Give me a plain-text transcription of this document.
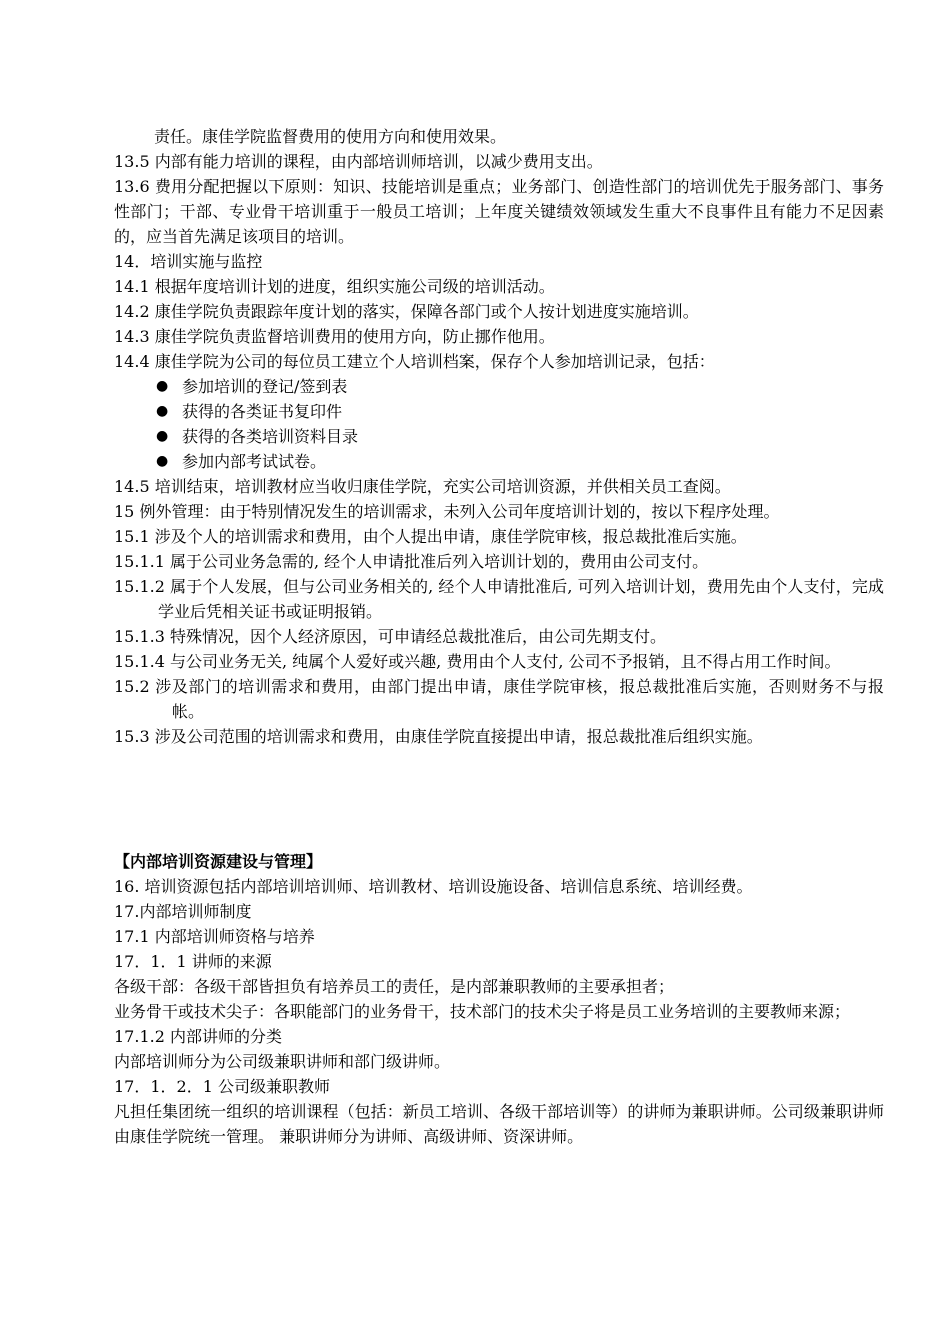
责任。康佳学院监督费用的使用方向和使用效果。

13.5 内部有能力培训的课程，由内部培训师培训，以减少费用支出。

13.6 费用分配把握以下原则：知识、技能培训是重点；业务部门、创造性部门的培训优先于服务部门、事务性部门；干部、专业骨干培训重于一般员工培训；上年度关键绩效领域发生重大不良事件且有能力不足因素的，应当首先满足该项目的培训。

14．培训实施与监控

14.1 根据年度培训计划的进度，组织实施公司级的培训活动。

14.2 康佳学院负责跟踪年度计划的落实，保障各部门或个人按计划进度实施培训。

14.3 康佳学院负责监督培训费用的使用方向，防止挪作他用。

14.4 康佳学院为公司的每位员工建立个人培训档案，保存个人参加培训记录，包括：

● 参加培训的登记/签到表
● 获得的各类证书复印件
● 获得的各类培训资料目录
● 参加内部考试试卷。

14.5 培训结束，培训教材应当收归康佳学院，充实公司培训资源，并供相关员工查阅。

15 例外管理：由于特别情况发生的培训需求，未列入公司年度培训计划的，按以下程序处理。

15.1 涉及个人的培训需求和费用，由个人提出申请，康佳学院审核，报总裁批准后实施。

15.1.1 属于公司业务急需的, 经个人申请批准后列入培训计划的，费用由公司支付。

15.1.2 属于个人发展，但与公司业务相关的, 经个人申请批准后, 可列入培训计划，费用先由个人支付，完成学业后凭相关证书或证明报销。

15.1.3 特殊情况，因个人经济原因，可申请经总裁批准后，由公司先期支付。

15.1.4 与公司业务无关, 纯属个人爱好或兴趣, 费用由个人支付, 公司不予报销，且不得占用工作时间。

15.2 涉及部门的培训需求和费用，由部门提出申请，康佳学院审核，报总裁批准后实施，否则财务不与报帐。

15.3 涉及公司范围的培训需求和费用，由康佳学院直接提出申请，报总裁批准后组织实施。

【内部培训资源建设与管理】

16. 培训资源包括内部培训培训师、培训教材、培训设施设备、培训信息系统、培训经费。

17.内部培训师制度

17.1 内部培训师资格与培养

17．1．1 讲师的来源

各级干部：各级干部皆担负有培养员工的责任，是内部兼职教师的主要承担者；

业务骨干或技术尖子：各职能部门的业务骨干，技术部门的技术尖子将是员工业务培训的主要教师来源；

17.1.2 内部讲师的分类

内部培训师分为公司级兼职讲师和部门级讲师。

17．1．2．1 公司级兼职教师

凡担任集团统一组织的培训课程（包括：新员工培训、各级干部培训等）的讲师为兼职讲师。公司级兼职讲师由康佳学院统一管理。 兼职讲师分为讲师、高级讲师、资深讲师。
